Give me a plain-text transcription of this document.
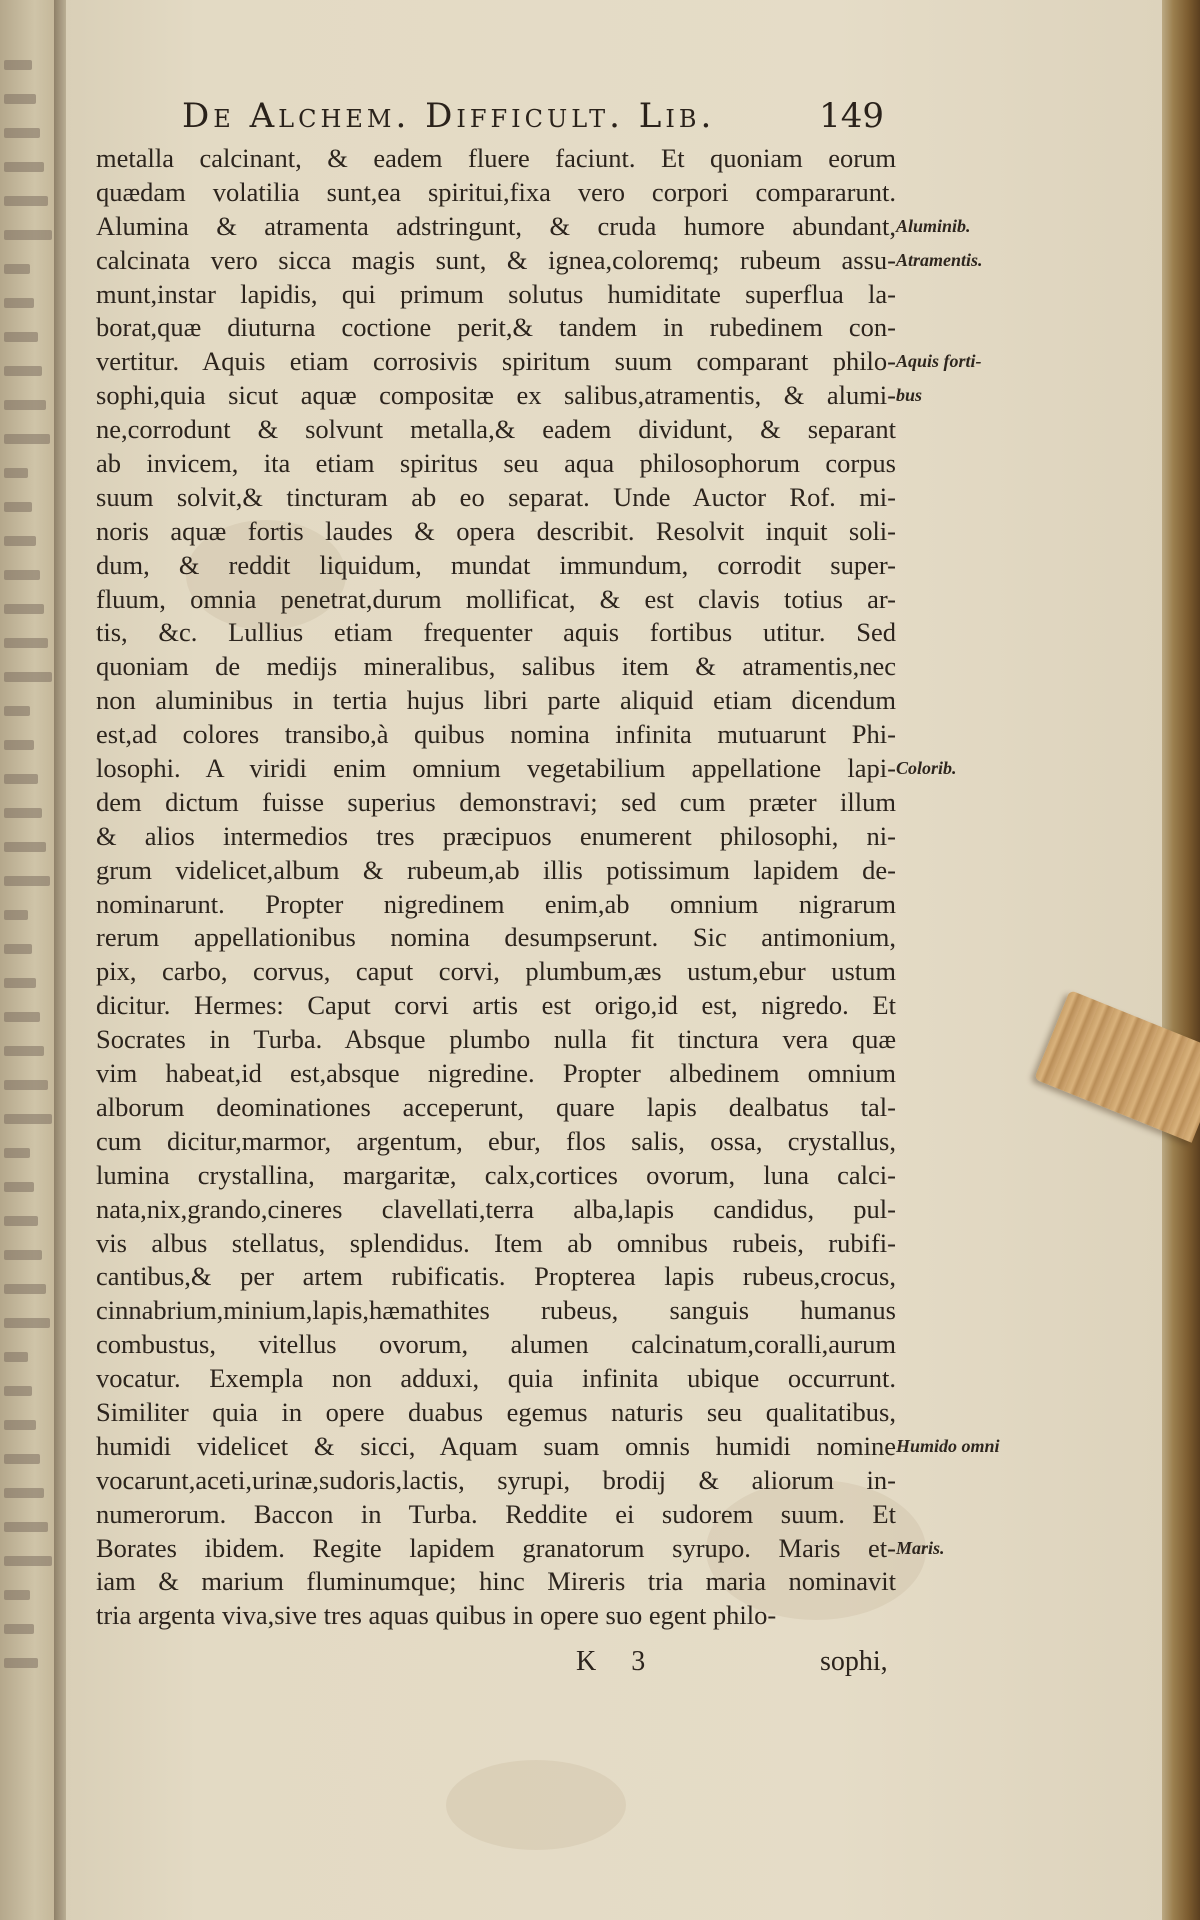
De Alchem. Difficult. Lib.	149
metalla calcinant, & eadem fluere faciunt. Et quoniam eorum
quædam volatilia sunt,ea spiritui,fixa vero corpori compararunt.
Alumina & atramenta adstringunt, & cruda humore abundant,
calcinata vero sicca magis sunt, & ignea,coloremq; rubeum assu-
munt,instar lapidis, qui primum solutus humiditate superflua la-
borat,quæ diuturna coctione perit,& tandem in rubedinem con-
vertitur. Aquis etiam corrosivis spiritum suum comparant philo-
sophi,quia sicut aquæ compositæ ex salibus,atramentis, & alumi-
ne,corrodunt & solvunt metalla,& eadem dividunt, & separant
ab invicem, ita etiam spiritus seu aqua philosophorum corpus
suum solvit,& tincturam ab eo separat. Unde Auctor Rof. mi-
noris aquæ fortis laudes & opera describit. Resolvit inquit soli-
dum, & reddit liquidum, mundat immundum, corrodit super-
fluum, omnia penetrat,durum mollificat, & est clavis totius ar-
tis, &c. Lullius etiam frequenter aquis fortibus utitur. Sed
quoniam de medijs mineralibus, salibus item & atramentis,nec
non aluminibus in tertia hujus libri parte aliquid etiam dicendum
est,ad colores transibo,à quibus nomina infinita mutuarunt Phi-
losophi. A viridi enim omnium vegetabilium appellatione lapi-
dem dictum fuisse superius demonstravi; sed cum præter illum
& alios intermedios tres præcipuos enumerent philosophi, ni-
grum videlicet,album & rubeum,ab illis potissimum lapidem de-
nominarunt. Propter nigredinem enim,ab omnium nigrarum
rerum appellationibus nomina desumpserunt. Sic antimonium,
pix, carbo, corvus, caput corvi, plumbum,æs ustum,ebur ustum
dicitur. Hermes: Caput corvi artis est origo,id est, nigredo. Et
Socrates in Turba. Absque plumbo nulla fit tinctura vera quæ
vim habeat,id est,absque nigredine. Propter albedinem omnium
alborum deominationes acceperunt, quare lapis dealbatus tal-
cum dicitur,marmor, argentum, ebur, flos salis, ossa, crystallus,
lumina crystallina, margaritæ, calx,cortices ovorum, luna calci-
nata,nix,grando,cineres clavellati,terra alba,lapis candidus, pul-
vis albus stellatus, splendidus. Item ab omnibus rubeis, rubifi-
cantibus,& per artem rubificatis. Propterea lapis rubeus,crocus,
cinnabrium,minium,lapis,hæmathites rubeus, sanguis humanus
combustus, vitellus ovorum, alumen calcinatum,coralli,aurum
vocatur. Exempla non adduxi, quia infinita ubique occurrunt.
Similiter quia in opere duabus egemus naturis seu qualitatibus,
humidi videlicet & sicci, Aquam suam omnis humidi nomine
vocarunt,aceti,urinæ,sudoris,lactis, syrupi, brodij & aliorum in-
numerorum. Baccon in Turba. Reddite ei sudorem suum. Et
Borates ibidem. Regite lapidem granatorum syrupo. Maris et-
iam & marium fluminumque; hinc Mireris tria maria nominavit
tria argenta viva,sive tres aquas quibus in opere suo egent philo-
Aluminib.
Atramentis.
Aquis forti-
bus
Colorib.
Humido omni
Maris.
K 3	sophi,
